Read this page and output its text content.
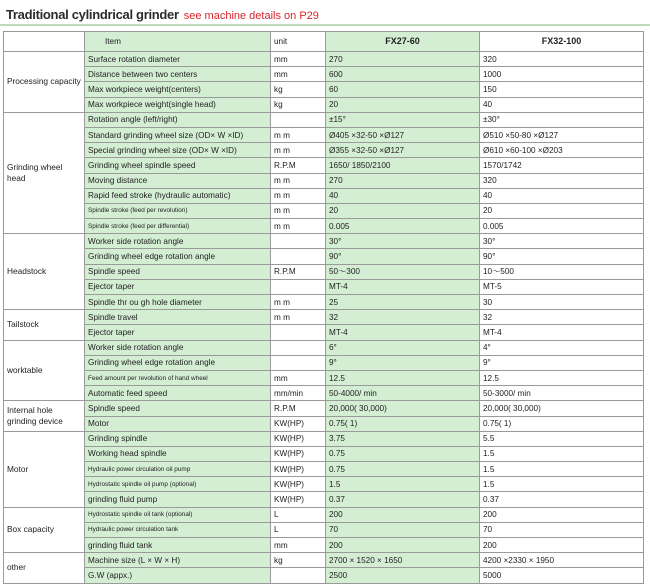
Traditional cylindrical grinder see machine details on P29
	Item	unit	FX27-60	FX32-100
Processing capacity	Surface rotation diameter	mm	270	320
	Distance between two centers	mm	600	1000
	Max workpiece weight(centers)	kg	60	150
	Max workpiece weight(single head)	kg	20	40
Grinding wheel head	Rotation angle (left/right)		±15°	±30°
	Standard grinding wheel size (OD× W ×ID)	m m	Ø405 ×32-50 ×Ø127	Ø510 ×50-80 ×Ø127
	Special grinding wheel size (OD× W ×ID)	m m	Ø355 ×32-50 ×Ø127	Ø610 ×60-100 ×Ø203
	Grinding wheel spindle speed	R.P.M	1650/ 1850/2100	1570/1742
	Moving distance	m m	270	320
	Rapid feed stroke (hydraulic automatic)	m m	40	40
	Spindle stroke (feed per revolution)	m m	20	20
	Spindle stroke (feed per differential)	m m	0.005	0.005
Headstock	Worker side rotation angle		30°	30°
	Grinding wheel edge rotation angle		90°	90°
	Spindle speed	R.P.M	50～300	10～500
	Ejector taper		MT-4	MT-5
	Spindle thr ou gh hole diameter	m m	25	30
Tailstock	Spindle travel	m m	32	32
	Ejector taper		MT-4	MT-4
worktable	Worker side rotation angle		6°	4°
	Grinding wheel edge rotation angle		9°	9°
	Feed amount per revolution of hand wheel	mm	12.5	12.5
	Automatic feed speed	mm/min	50-4000/ min	50-3000/ min
Internal hole grinding device	Spindle speed	R.P.M	20,000( 30,000)	20,000( 30,000)
	Motor	KW(HP)	0.75( 1)	0.75( 1)
Motor	Grinding spindle	KW(HP)	3.75	5.5
	Working head spindle	KW(HP)	0.75	1.5
	Hydraulic power circulation oil pump	KW(HP)	0.75	1.5
	Hydrostatic spindle oil pump (optional)	KW(HP)	1.5	1.5
	grinding fluid pump	KW(HP)	0.37	0.37
Box capacity	Hydrostatic spindle oil tank (optional)	L	200	200
	Hydraulic power circulation tank	L	70	70
	grinding fluid tank	mm	200	200
other	Machine size (L × W × H)	kg	2700 × 1520 × 1650	4200 ×2330 × 1950
	G.W (appx.)		2500	5000
